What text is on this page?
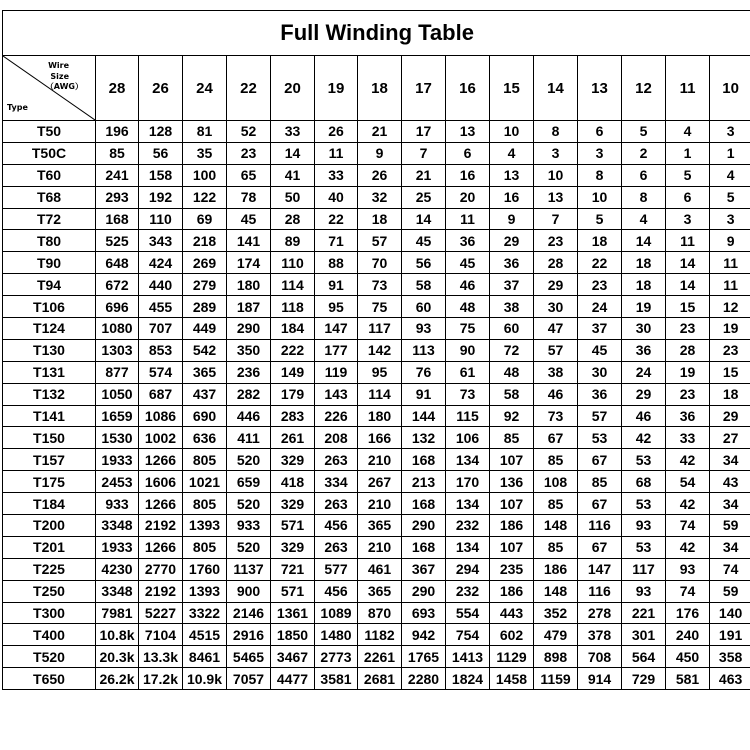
Full Winding Table															

Wire
Size
（AWG）
Type	28	26	24	22	20	19	18	17	16	15	14	13	12	11	10
T50	196	128	81	52	33	26	21	17	13	10	8	6	5	4	3
T50C	85	56	35	23	14	11	9	7	6	4	3	3	2	1	1
T60	241	158	100	65	41	33	26	21	16	13	10	8	6	5	4
T68	293	192	122	78	50	40	32	25	20	16	13	10	8	6	5
T72	168	110	69	45	28	22	18	14	11	9	7	5	4	3	3
T80	525	343	218	141	89	71	57	45	36	29	23	18	14	11	9
T90	648	424	269	174	110	88	70	56	45	36	28	22	18	14	11
T94	672	440	279	180	114	91	73	58	46	37	29	23	18	14	11
T106	696	455	289	187	118	95	75	60	48	38	30	24	19	15	12
T124	1080	707	449	290	184	147	117	93	75	60	47	37	30	23	19
T130	1303	853	542	350	222	177	142	113	90	72	57	45	36	28	23
T131	877	574	365	236	149	119	95	76	61	48	38	30	24	19	15
T132	1050	687	437	282	179	143	114	91	73	58	46	36	29	23	18
T141	1659	1086	690	446	283	226	180	144	115	92	73	57	46	36	29
T150	1530	1002	636	411	261	208	166	132	106	85	67	53	42	33	27
T157	1933	1266	805	520	329	263	210	168	134	107	85	67	53	42	34
T175	2453	1606	1021	659	418	334	267	213	170	136	108	85	68	54	43
T184	933	1266	805	520	329	263	210	168	134	107	85	67	53	42	34
T200	3348	2192	1393	933	571	456	365	290	232	186	148	116	93	74	59
T201	1933	1266	805	520	329	263	210	168	134	107	85	67	53	42	34
T225	4230	2770	1760	1137	721	577	461	367	294	235	186	147	117	93	74
T250	3348	2192	1393	900	571	456	365	290	232	186	148	116	93	74	59
T300	7981	5227	3322	2146	1361	1089	870	693	554	443	352	278	221	176	140
T400	10.8k	7104	4515	2916	1850	1480	1182	942	754	602	479	378	301	240	191
T520	20.3k	13.3k	8461	5465	3467	2773	2261	1765	1413	1129	898	708	564	450	358
T650	26.2k	17.2k	10.9k	7057	4477	3581	2681	2280	1824	1458	1159	914	729	581	463
